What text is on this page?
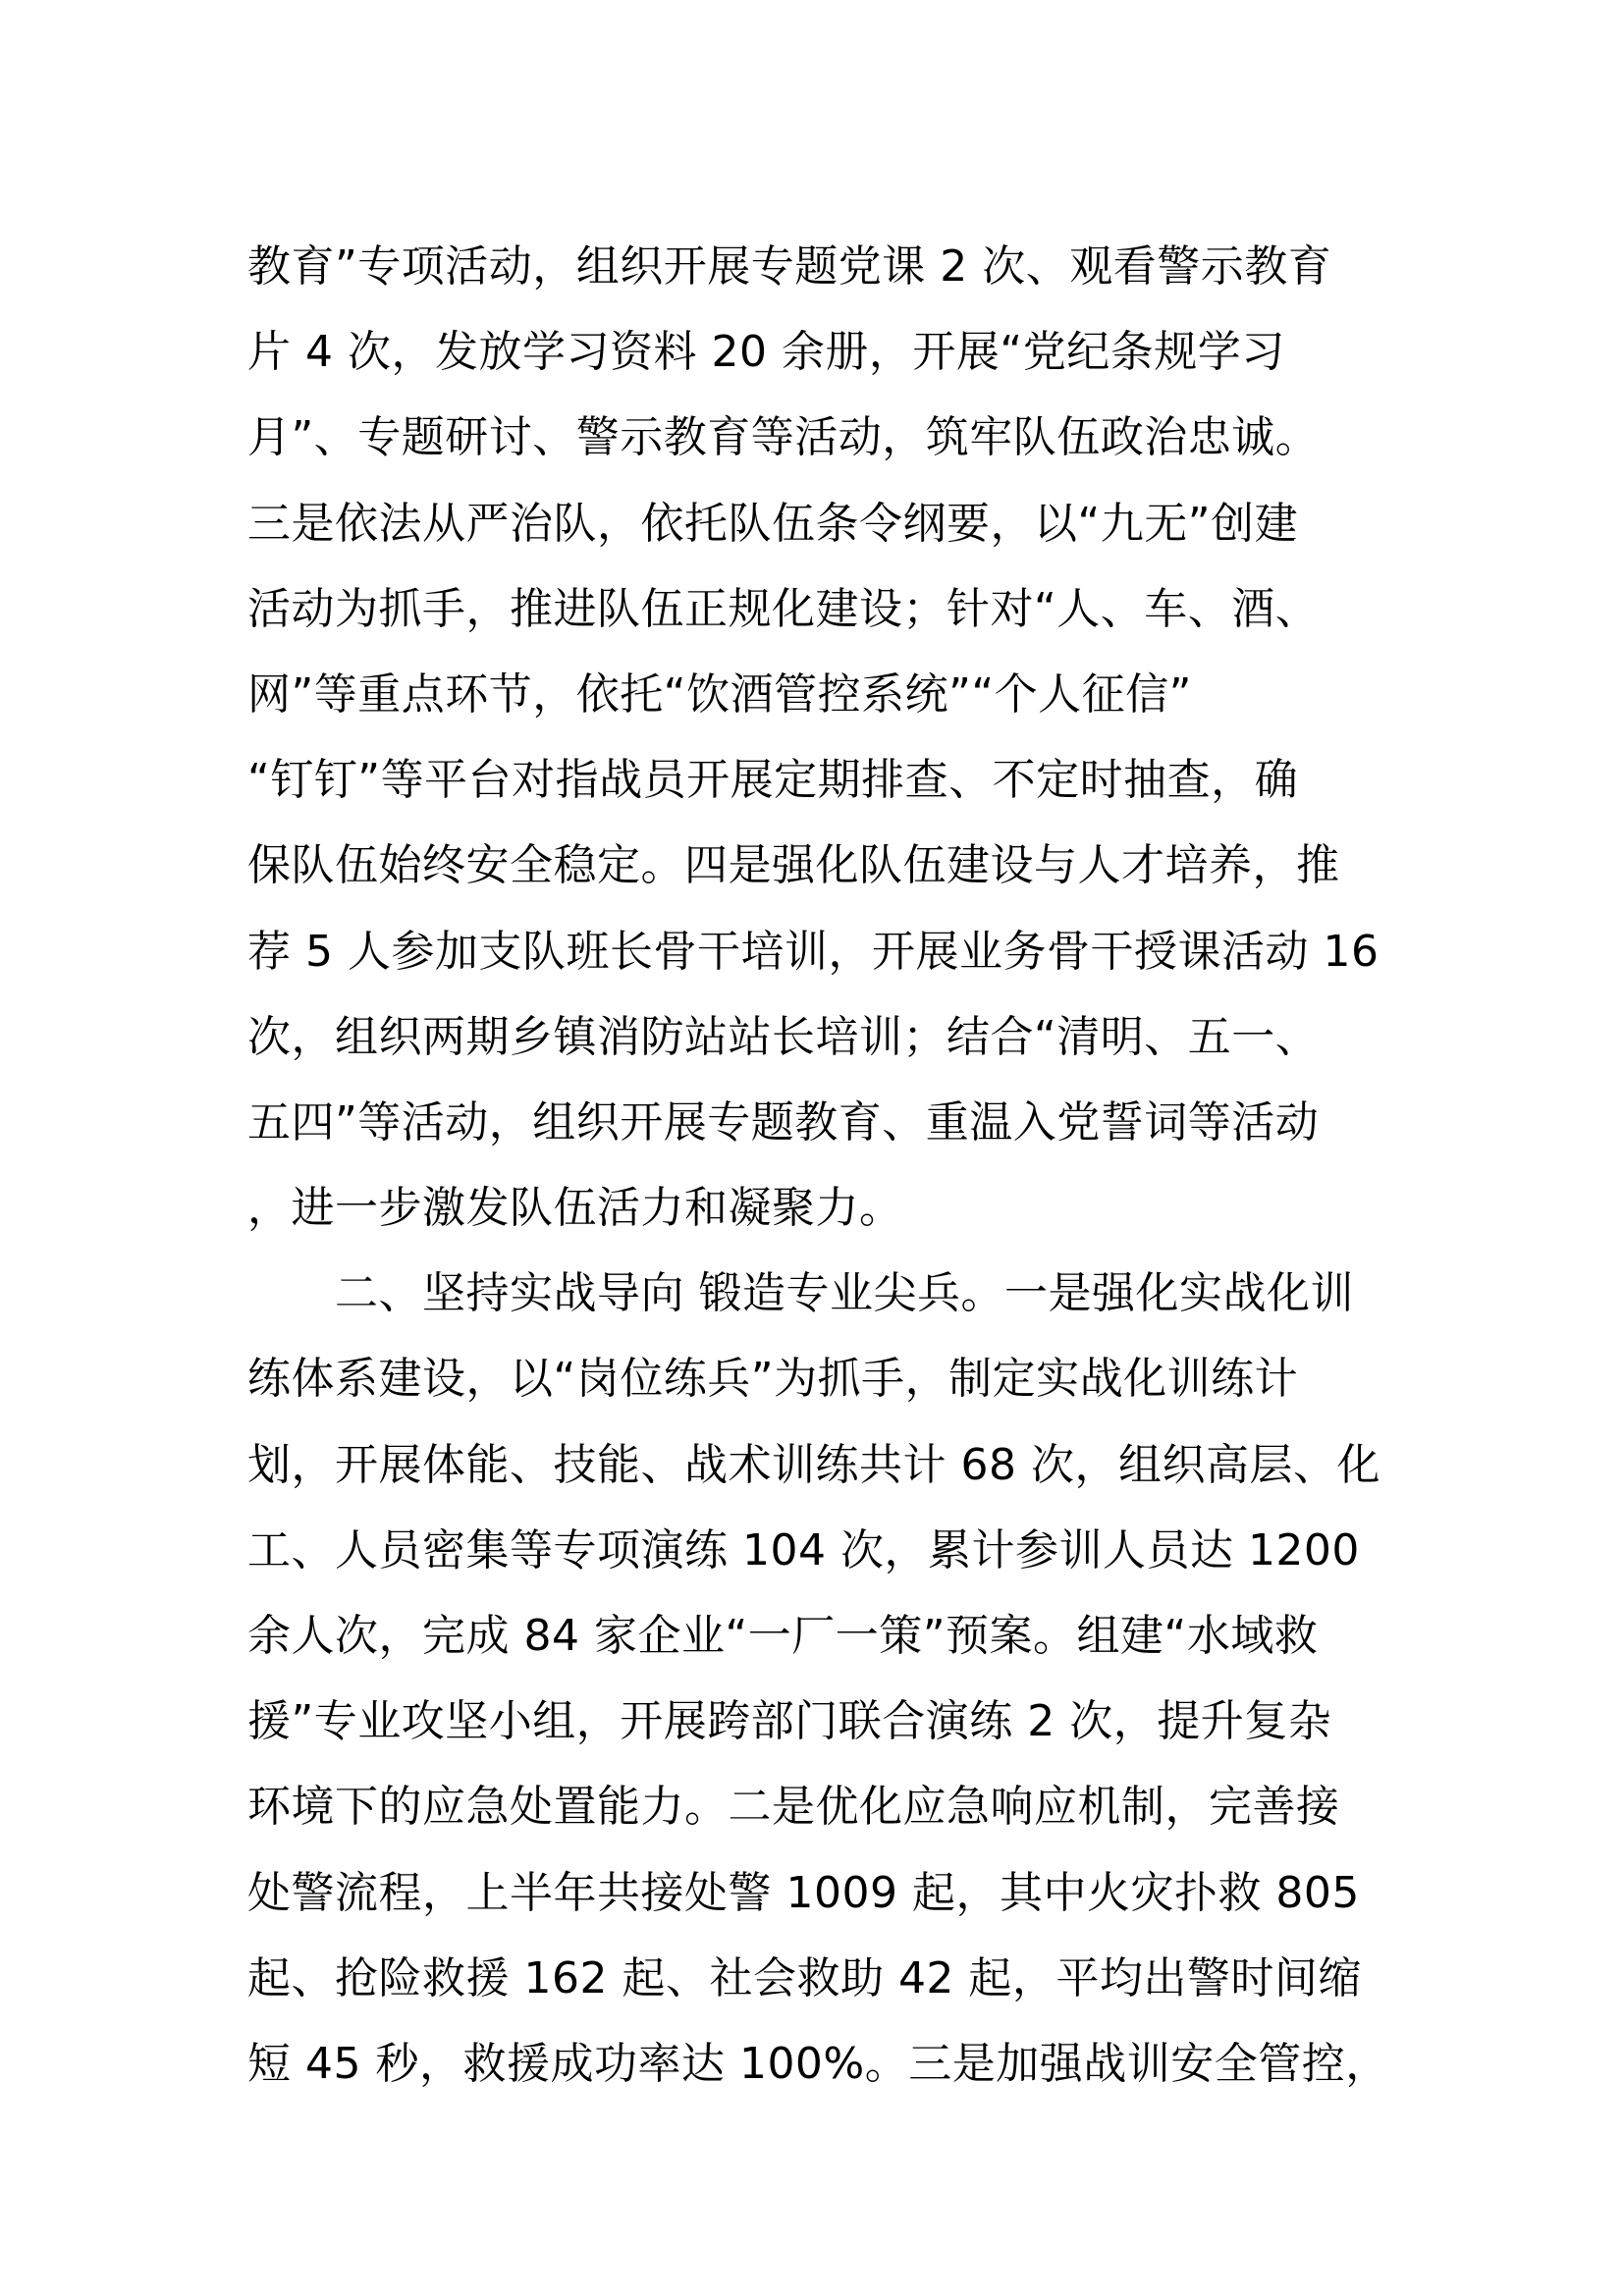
教育”专项活动，组织开展专题党课 2 次、观看警示教育
片 4 次，发放学习资料 20 余册，开展“党纪条规学习
月”、专题研讨、警示教育等活动，筑牢队伍政治忠诚。
三是依法从严治队，依托队伍条令纲要，以“九无”创建
活动为抓手，推进队伍正规化建设；针对“人、车、酒、
网”等重点环节，依托“饮酒管控系统”“个人征信”
“钉钉”等平台对指战员开展定期排查、不定时抽查，确
保队伍始终安全稳定。四是强化队伍建设与人才培养，推
荐 5 人参加支队班长骨干培训，开展业务骨干授课活动 16
次，组织两期乡镇消防站站长培训；结合“清明、五一、
五四”等活动，组织开展专题教育、重温入党誓词等活动
，进一步激发队伍活力和凝聚力。
　　二、坚持实战导向 锻造专业尖兵。一是强化实战化训
练体系建设，以“岗位练兵”为抓手，制定实战化训练计
划，开展体能、技能、战术训练共计 68 次，组织高层、化
工、人员密集等专项演练 104 次，累计参训人员达 1200
余人次，完成 84 家企业“一厂一策”预案。组建“水域救
援”专业攻坚小组，开展跨部门联合演练 2 次，提升复杂
环境下的应急处置能力。二是优化应急响应机制，完善接
处警流程，上半年共接处警 1009 起，其中火灾扑救 805
起、抢险救援 162 起、社会救助 42 起，平均出警时间缩
短 45 秒，救援成功率达 100%。三是加强战训安全管控，
